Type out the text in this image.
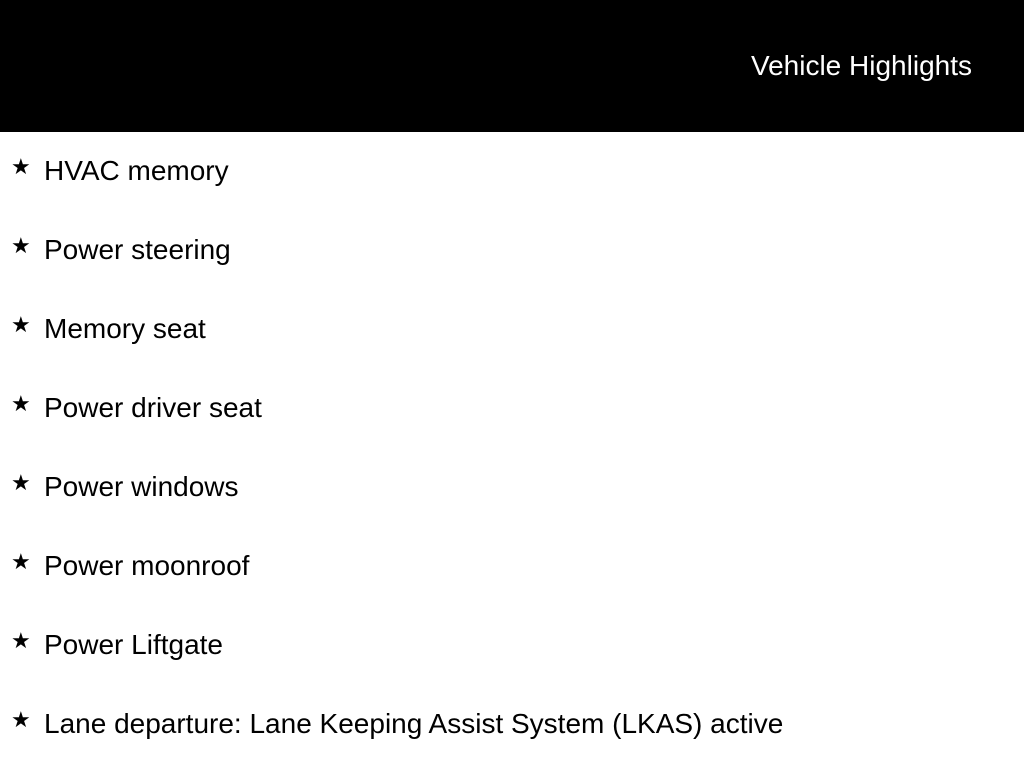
Vehicle Highlights
★ HVAC memory
★ Power steering
★ Memory seat
★ Power driver seat
★ Power windows
★ Power moonroof
★ Power Liftgate
★ Lane departure: Lane Keeping Assist System (LKAS) active
